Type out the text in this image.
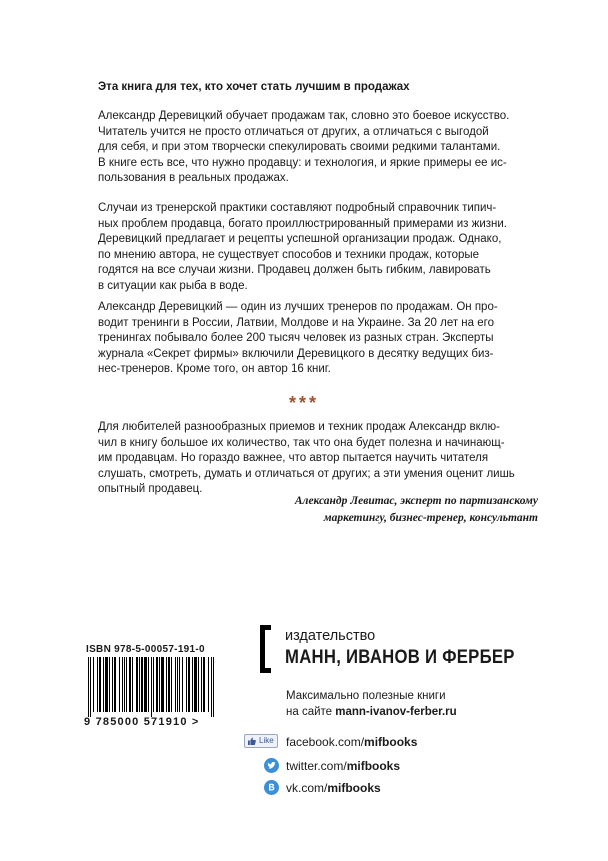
Эта книга для тех, кто хочет стать лучшим в продажах
Александр Деревицкий обучает продажам так, словно это боевое искусство.
Читатель учится не просто отличаться от других, а отличаться с выгодой
для себя, и при этом творчески спекулировать своими редкими талантами.
В книге есть все, что нужно продавцу: и технология, и яркие примеры ее ис-
пользования в реальных продажах.
Случаи из тренерской практики составляют подробный справочник типич-
ных проблем продавца, богато проиллюстрированный примерами из жизни.
Деревицкий предлагает и рецепты успешной организации продаж. Однако,
по мнению автора, не существует способов и техники продаж, которые
годятся на все случаи жизни. Продавец должен быть гибким, лавировать
в ситуации как рыба в воде.
Александр Деревицкий — один из лучших тренеров по продажам. Он про-
водит тренинги в России, Латвии, Молдове и на Украине. За 20 лет на его
тренингах побывало более 200 тысяч человек из разных стран. Эксперты
журнала «Секрет фирмы» включили Деревицкого в десятку ведущих биз-
нес-тренеров. Кроме того, он автор 16 книг.
***
Для любителей разнообразных приемов и техник продаж Александр вклю-
чил в книгу большое их количество, так что она будет полезна и начинающ-
им продавцам. Но гораздо важнее, что автор пытается научить читателя
слушать, смотреть, думать и отличаться от других; а эти умения оценит лишь
опытный продавец.
Александр Левитас, эксперт по партизанскому
маркетингу, бизнес-тренер, консультант
ISBN 978-5-00057-191-0
9 785000 571910 >
издательство
МАНН, ИВАНОВ И ФЕРБЕР
Максимально полезные книги
на сайте mann-ivanov-ferber.ru
Like facebook.com/mifbooks
twitter.com/mifbooks
vk.com/mifbooks
